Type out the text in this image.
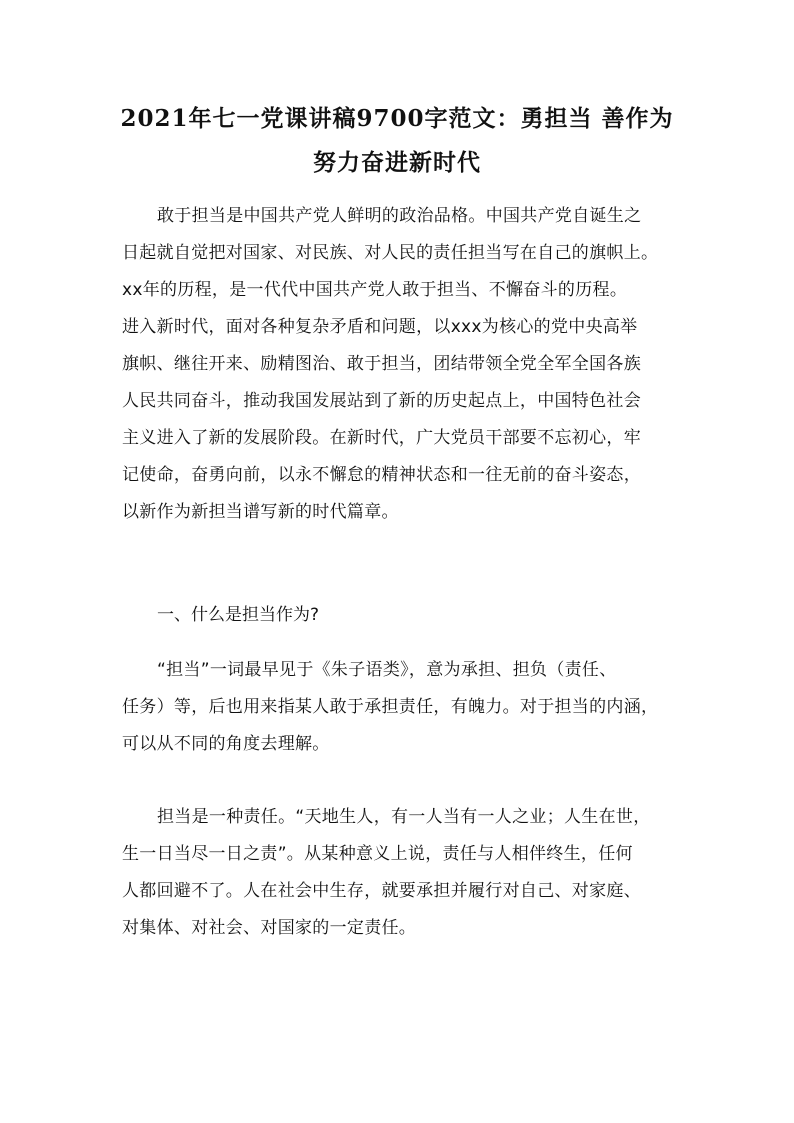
2021年七一党课讲稿9700字范文：勇担当 善作为
努力奋进新时代
敢于担当是中国共产党人鲜明的政治品格。中国共产党自诞生之
日起就自觉把对国家、对民族、对人民的责任担当写在自己的旗帜上。
xx年的历程，是一代代中国共产党人敢于担当、不懈奋斗的历程。
进入新时代，面对各种复杂矛盾和问题，以xxx为核心的党中央高举
旗帜、继往开来、励精图治、敢于担当，团结带领全党全军全国各族
人民共同奋斗，推动我国发展站到了新的历史起点上，中国特色社会
主义进入了新的发展阶段。在新时代，广大党员干部要不忘初心，牢
记使命，奋勇向前，以永不懈怠的精神状态和一往无前的奋斗姿态，
以新作为新担当谱写新的时代篇章。
一、什么是担当作为?
“担当”一词最早见于《朱子语类》，意为承担、担负（责任、
任务）等，后也用来指某人敢于承担责任，有魄力。对于担当的内涵，
可以从不同的角度去理解。
担当是一种责任。“天地生人，有一人当有一人之业；人生在世，
生一日当尽一日之责”。从某种意义上说，责任与人相伴终生，任何
人都回避不了。人在社会中生存，就要承担并履行对自己、对家庭、
对集体、对社会、对国家的一定责任。
